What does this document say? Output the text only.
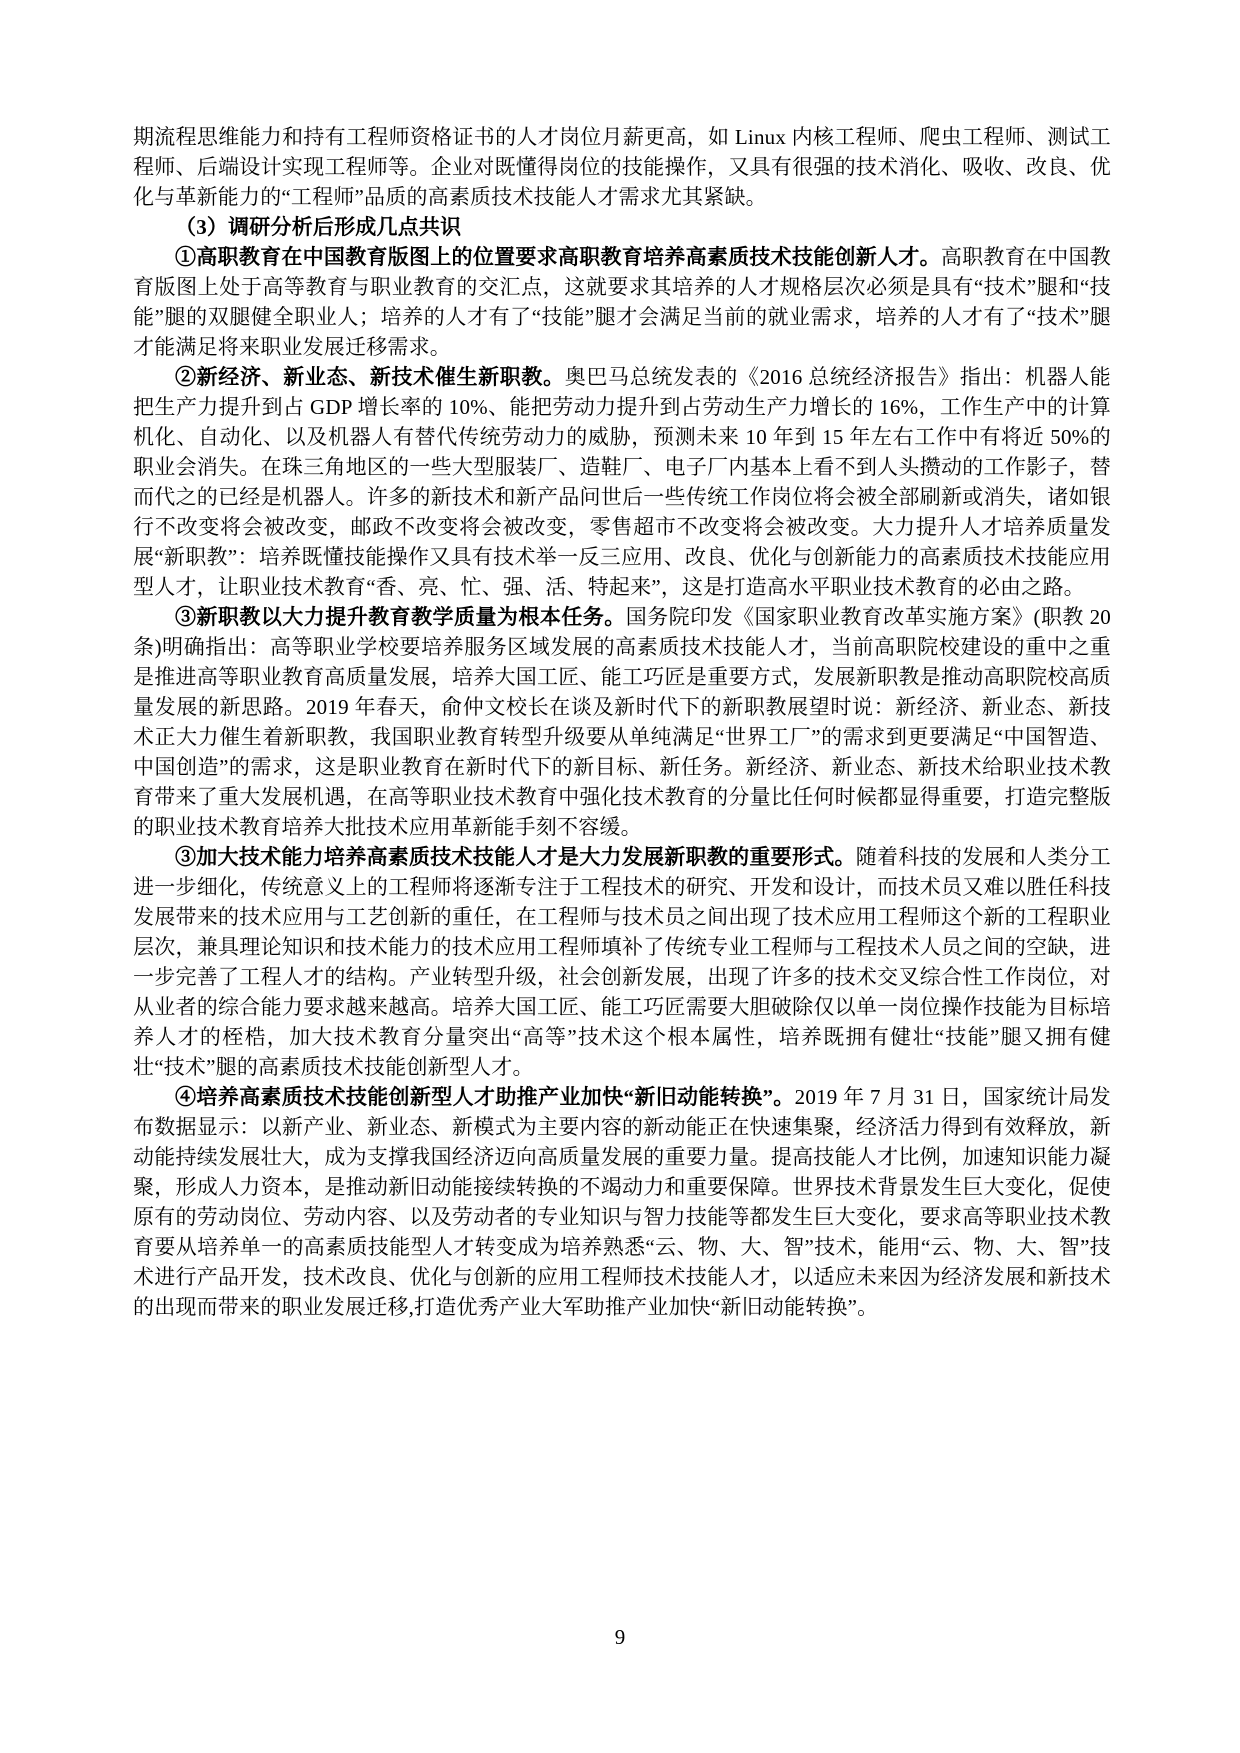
期流程思维能力和持有工程师资格证书的人才岗位月薪更高，如 Linux 内核工程师、爬虫工程师、测试工程师、后端设计实现工程师等。企业对既懂得岗位的技能操作，又具有很强的技术消化、吸收、改良、优化与革新能力的“工程师”品质的高素质技术技能人才需求尤其紧缺。

（3）调研分析后形成几点共识

①高职教育在中国教育版图上的位置要求高职教育培养高素质技术技能创新人才。高职教育在中国教育版图上处于高等教育与职业教育的交汇点，这就要求其培养的人才规格层次必须是具有“技术”腿和“技能”腿的双腿健全职业人；培养的人才有了“技能”腿才会满足当前的就业需求，培养的人才有了“技术”腿才能满足将来职业发展迁移需求。

②新经济、新业态、新技术催生新职教。奥巴马总统发表的《2016 总统经济报告》指出：机器人能把生产力提升到占 GDP 增长率的 10%、能把劳动力提升到占劳动生产力增长的 16%，工作生产中的计算机化、自动化、以及机器人有替代传统劳动力的威胁，预测未来 10 年到 15 年左右工作中有将近 50%的职业会消失。在珠三角地区的一些大型服装厂、造鞋厂、电子厂内基本上看不到人头攒动的工作影子，替而代之的已经是机器人。许多的新技术和新产品问世后一些传统工作岗位将会被全部刷新或消失，诸如银行不改变将会被改变，邮政不改变将会被改变，零售超市不改变将会被改变。大力提升人才培养质量发展“新职教”：培养既懂技能操作又具有技术举一反三应用、改良、优化与创新能力的高素质技术技能应用型人才，让职业技术教育“香、亮、忙、强、活、特起来”，这是打造高水平职业技术教育的必由之路。

③新职教以大力提升教育教学质量为根本任务。国务院印发《国家职业教育改革实施方案》(职教 20 条)明确指出：高等职业学校要培养服务区域发展的高素质技术技能人才，当前高职院校建设的重中之重是推进高等职业教育高质量发展，培养大国工匠、能工巧匠是重要方式，发展新职教是推动高职院校高质量发展的新思路。2019 年春天，俞仲文校长在谈及新时代下的新职教展望时说：新经济、新业态、新技术正大力催生着新职教，我国职业教育转型升级要从单纯满足“世界工厂”的需求到更要满足“中国智造、中国创造”的需求，这是职业教育在新时代下的新目标、新任务。新经济、新业态、新技术给职业技术教育带来了重大发展机遇，在高等职业技术教育中强化技术教育的分量比任何时候都显得重要，打造完整版的职业技术教育培养大批技术应用革新能手刻不容缓。

③加大技术能力培养高素质技术技能人才是大力发展新职教的重要形式。随着科技的发展和人类分工进一步细化，传统意义上的工程师将逐渐专注于工程技术的研究、开发和设计，而技术员又难以胜任科技发展带来的技术应用与工艺创新的重任，在工程师与技术员之间出现了技术应用工程师这个新的工程职业层次，兼具理论知识和技术能力的技术应用工程师填补了传统专业工程师与工程技术人员之间的空缺，进一步完善了工程人才的结构。产业转型升级，社会创新发展，出现了许多的技术交叉综合性工作岗位，对从业者的综合能力要求越来越高。培养大国工匠、能工巧匠需要大胆破除仅以单一岗位操作技能为目标培养人才的桎梏，加大技术教育分量突出“高等”技术这个根本属性，培养既拥有健壮“技能”腿又拥有健壮“技术”腿的高素质技术技能创新型人才。

④培养高素质技术技能创新型人才助推产业加快“新旧动能转换”。2019 年 7 月 31 日，国家统计局发布数据显示：以新产业、新业态、新模式为主要内容的新动能正在快速集聚，经济活力得到有效释放，新动能持续发展壮大，成为支撑我国经济迈向高质量发展的重要力量。提高技能人才比例，加速知识能力凝聚，形成人力资本，是推动新旧动能接续转换的不竭动力和重要保障。世界技术背景发生巨大变化，促使原有的劳动岗位、劳动内容、以及劳动者的专业知识与智力技能等都发生巨大变化，要求高等职业技术教育要从培养单一的高素质技能型人才转变成为培养熟悉“云、物、大、智”技术，能用“云、物、大、智”技术进行产品开发，技术改良、优化与创新的应用工程师技术技能人才，以适应未来因为经济发展和新技术的出现而带来的职业发展迁移,打造优秀产业大军助推产业加快“新旧动能转换”。

9
